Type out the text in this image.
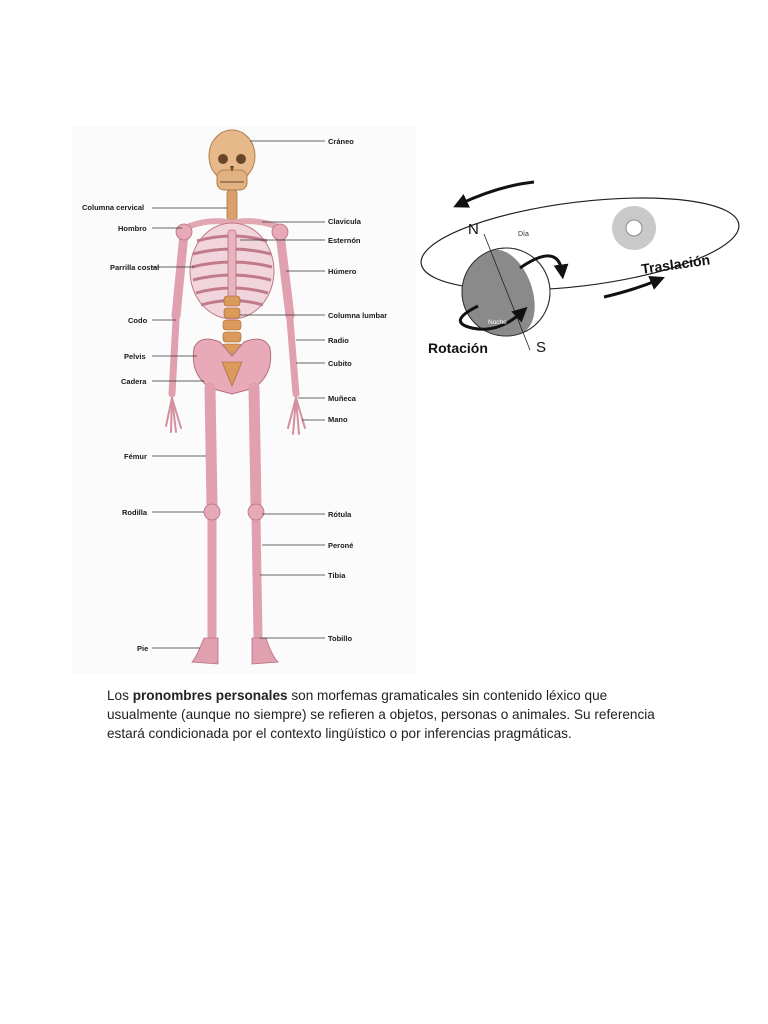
Cráneo
Columna cervical
Clavicula
Hombro
Esternón
Parrilla costal	Húmero
Codo
Columna lumbar
Radio
Pelvis
Cubito
Cadera
Muñeca
Mano
Fémur
Rodilla	Rótula
Peroné
Tibia
Pie
Tobillo
N
S
Día
Noche
Rotación
Traslación

Los pronombres personales son morfemas gramaticales sin contenido léxico que usualmente (aunque no siempre) se refieren a objetos, personas o animales. Su referencia estará condicionada por el contexto lingüístico o por inferencias pragmáticas.
